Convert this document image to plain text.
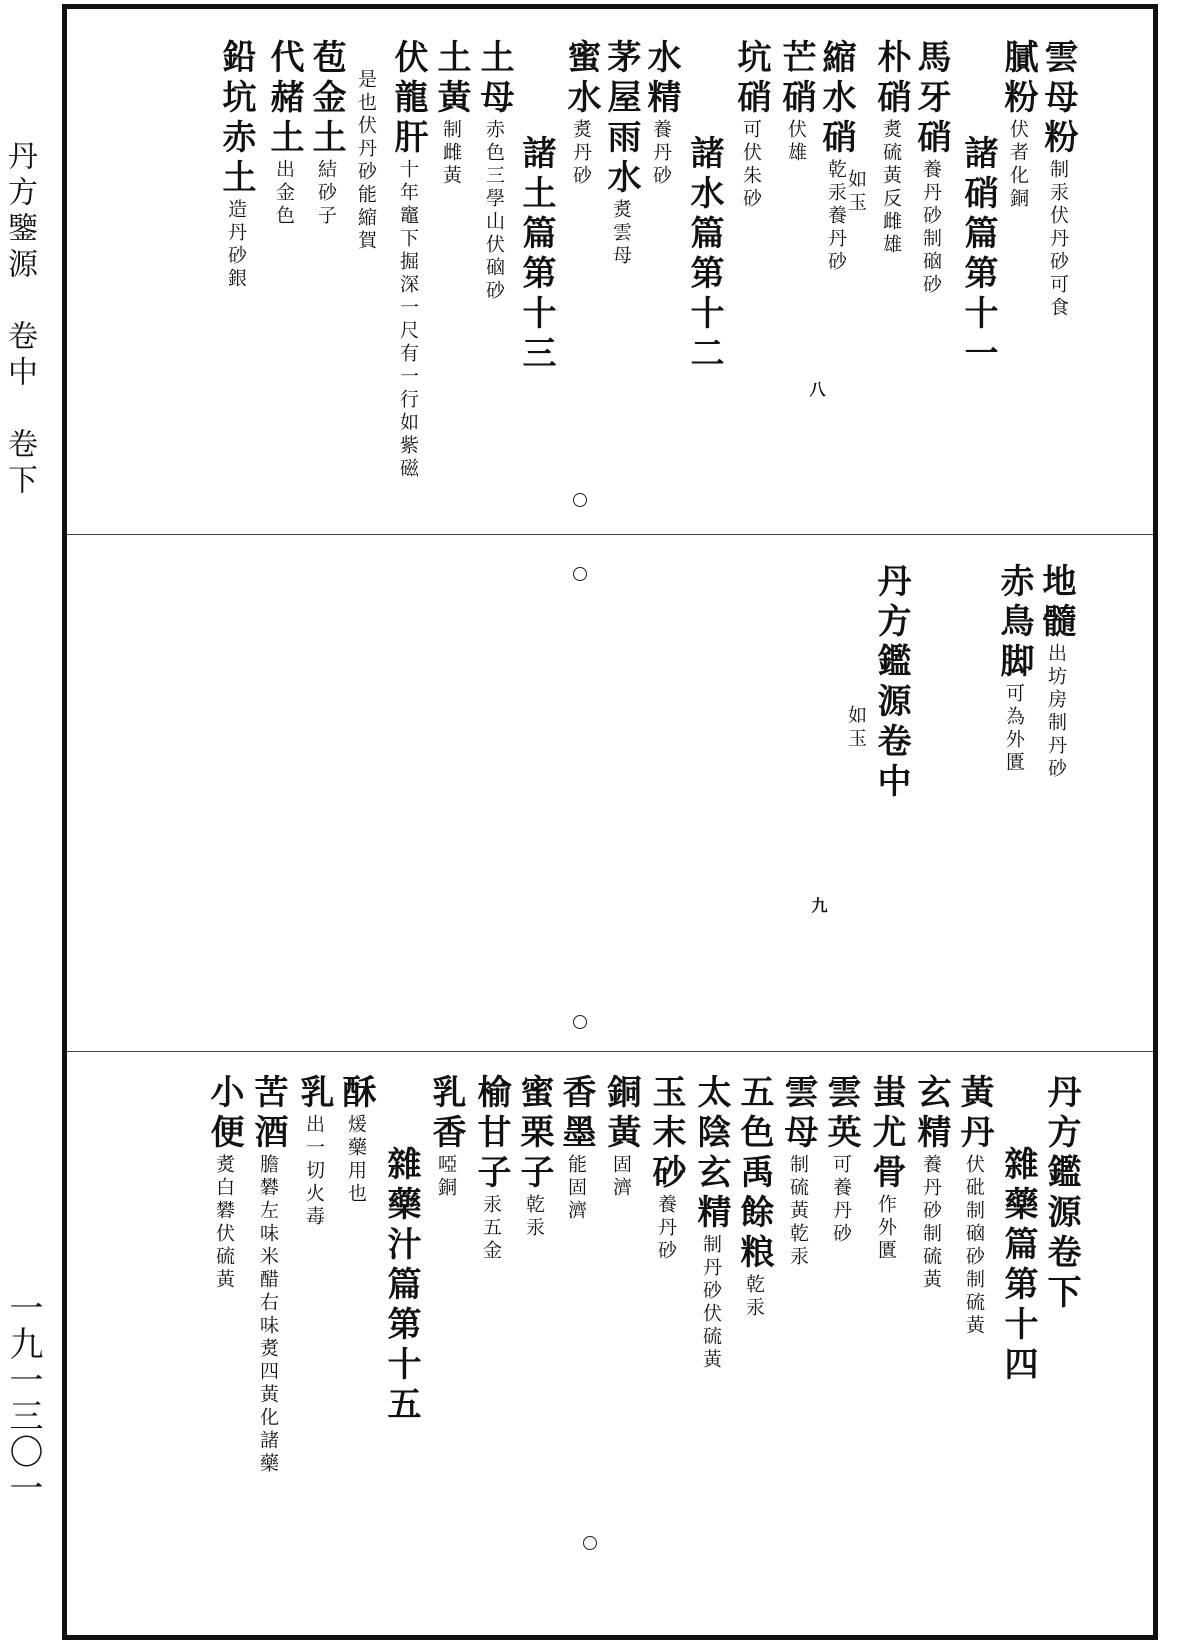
丹方鑒源　卷中　卷下
一九一三〇一
膩粉伏者化銅
雲母粉制汞伏丹砂可食
諸硝篇第十一
馬牙硝養丹砂制硇砂
朴硝煑硫黃反雌雄
如玉
縮水硝乾汞養丹砂
芒硝伏雄
坑硝可伏朱砂
諸水篇第十二
水精養丹砂
茅屋雨水煑雲母
蜜水煑丹砂
諸土篇第十三
土母赤色三學山伏硇砂
土黃制雌黃
伏龍肝十年竈下掘深一尺有一行如紫磁
是也伏丹砂能縮賀
苞金土結砂子
代赭土出金色
鉛坑赤土造丹砂銀
八
地髓出坊房制丹砂
赤鳥脚可為外匱
丹方鑑源卷中
如玉
九
丹方鑑源卷下
雜藥篇第十四
黃丹伏砒制硇砂制硫黃
玄精養丹砂制硫黃
蚩尤骨作外匱
雲英可養丹砂
雲母制硫黃乾汞
五色禹餘粮乾汞
太陰玄精制丹砂伏硫黃
玉末砂養丹砂
銅黃固濟
香墨能固濟
蜜栗子乾汞
榆甘子汞五金
乳香啞銅
雜藥汁篇第十五
酥煖藥用也
乳出一切火毒
苦酒膽礬左味米醋右味煑四黃化諸藥
小便煑白礬伏硫黃
